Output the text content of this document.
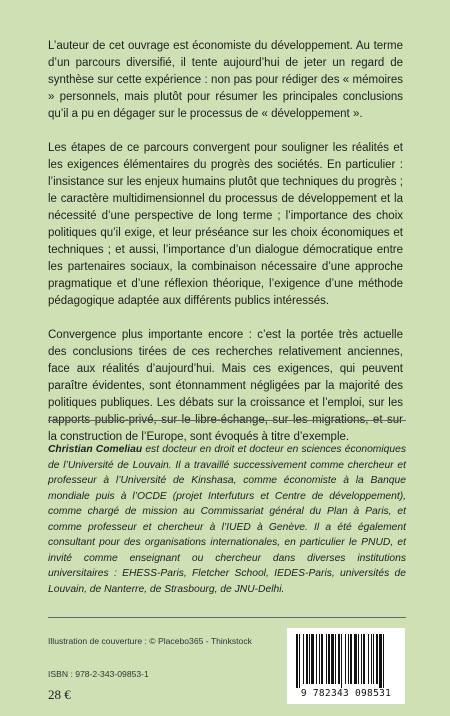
L’auteur de cet ouvrage est économiste du développement. Au terme d’un parcours diversifié, il tente aujourd’hui de jeter un regard de synthèse sur cette expérience : non pas pour rédiger des « mémoires » personnels, mais plutôt pour résumer les principales conclusions qu’il a pu en dégager sur le processus de « développement ».

Les étapes de ce parcours convergent pour souligner les réalités et les exigences élémentaires du progrès des sociétés. En particulier : l’insistance sur les enjeux humains plutôt que techniques du progrès ; le caractère multidimensionnel du processus de développement et la nécessité d’une perspective de long terme ; l’importance des choix politiques qu’il exige, et leur préséance sur les choix économiques et techniques ; et aussi, l’importance d’un dialogue démocratique entre les partenaires sociaux, la combinaison nécessaire d’une approche pragmatique et d’une réflexion théorique, l’exigence d’une méthode pédagogique adaptée aux différents publics intéressés.

Convergence plus importante encore : c’est la portée très actuelle des conclusions tirées de ces recherches relativement anciennes, face aux réalités d’aujourd’hui. Mais ces exigences, qui peuvent paraître évidentes, sont étonnamment négligées par la majorité des politiques publiques. Les débats sur la croissance et l’emploi, sur les rapports public-privé, sur le libre-échange, sur les migrations, et sur la construction de l’Europe, sont évoqués à titre d’exemple.

Christian Comeliau est docteur en droit et docteur en sciences économiques de l’Université de Louvain. Il a travaillé successivement comme chercheur et professeur à l’Université de Kinshasa, comme économiste à la Banque mondiale puis à l’OCDE (projet Interfuturs et Centre de développement), comme chargé de mission au Commissariat général du Plan à Paris, et comme professeur et chercheur à l’IUED à Genève. Il a été également consultant pour des organisations internationales, en particulier le PNUD, et invité comme enseignant ou chercheur dans diverses institutions universitaires : EHESS-Paris, Fletcher School, IEDES-Paris, universités de Louvain, de Nanterre, de Strasbourg, de JNU-Delhi.
Illustration de couverture : © Placebo365 - Thinkstock
ISBN : 978-2-343-09853-1
28 €	9 782343 098531
